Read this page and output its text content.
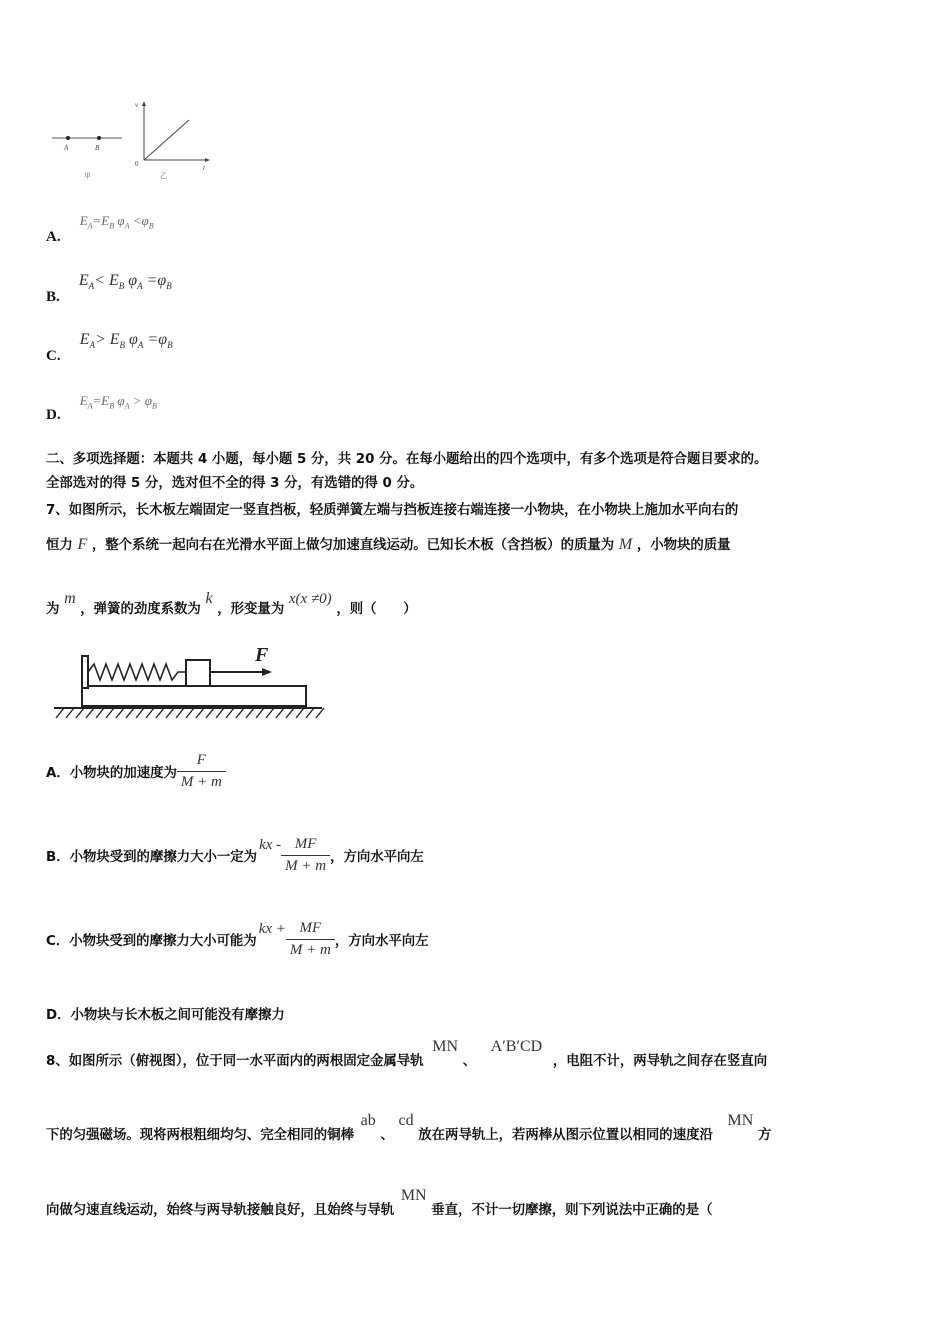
A	B
甲
v
t
0
乙
A. $E_A=E_B$ $\varphi_A <\varphi_B$
B. $E_A< E_B$ $\varphi_A =\varphi_B$
C. $E_A> E_B$ $\varphi_A =\varphi_B$
D. $E_A=E_B$ $\varphi_A > \varphi_B$
二、多项选择题：本题共 4 小题，每小题 5 分，共 20 分。在每小题给出的四个选项中，有多个选项是符合题目要求的。
全部选对的得 5 分，选对但不全的得 3 分，有选错的得 0 分。
7、如图所示，长木板左端固定一竖直挡板，轻质弹簧左端与挡板连接右端连接一小物块，在小物块上施加水平向右的
恒力 F ，整个系统一起向右在光滑水平面上做匀加速直线运动。已知长木板（含挡板）的质量为 M ，小物块的质量
为 m ，弹簧的劲度系数为 k ，形变量为 x(x ≠0) ，则（　　）
F
A． 小物块的加速度为 $\frac{F}{M + m}$
B． 小物块受到的摩擦力大小一定为
kx - $\frac{MF}{M + m}$ ，方向水平向左
C． 小物块受到的摩擦力大小可能为
kx + $\frac{MF}{M + m}$ ，方向水平向左
D．小物块与长木板之间可能没有摩擦力
8、如图所示（俯视图），位于同一水平面内的两根固定金属导轨 MN 、 A′B′CD ，电阻不计，两导轨之间存在竖直向
下的匀强磁场。现将两根粗细均匀、完全相同的铜棒 ab 、 cd 放在两导轨上，若两棒从图示位置以相同的速度沿 MN 方
向做匀速直线运动，始终与两导轨接触良好，且始终与导轨 MN 垂直，不计一切摩擦，则下列说法中正确的是（
